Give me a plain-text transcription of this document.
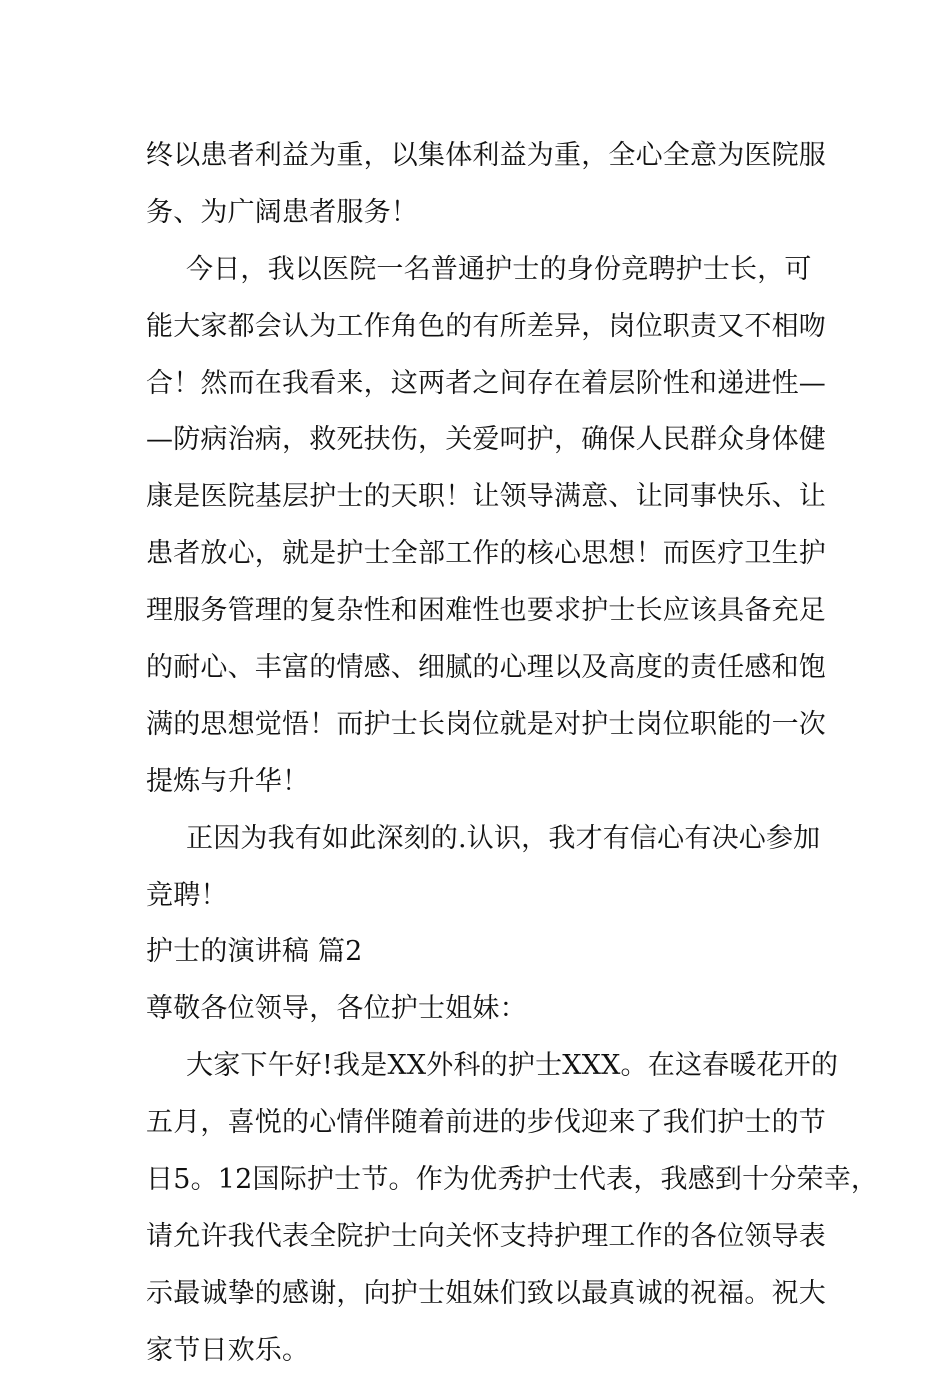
终以患者利益为重，以集体利益为重，全心全意为医院服
务、为广阔患者服务！
今日，我以医院一名普通护士的身份竞聘护士长，可
能大家都会认为工作角色的有所差异，岗位职责又不相吻
合！然而在我看来，这两者之间存在着层阶性和递进性—
—防病治病，救死扶伤，关爱呵护，确保人民群众身体健
康是医院基层护士的天职！让领导满意、让同事快乐、让
患者放心，就是护士全部工作的核心思想！而医疗卫生护
理服务管理的复杂性和困难性也要求护士长应该具备充足
的耐心、丰富的情感、细腻的心理以及高度的责任感和饱
满的思想觉悟！而护士长岗位就是对护士岗位职能的一次
提炼与升华！
正因为我有如此深刻的.认识，我才有信心有决心参加
竞聘！
护士的演讲稿 篇2
尊敬各位领导，各位护士姐妹：
大家下午好!我是XX外科的护士XXX。在这春暖花开的
五月，喜悦的心情伴随着前进的步伐迎来了我们护士的节
日5。12国际护士节。作为优秀护士代表，我感到十分荣幸，
请允许我代表全院护士向关怀支持护理工作的各位领导表
示最诚挚的感谢，向护士姐妹们致以最真诚的祝福。祝大
家节日欢乐。
